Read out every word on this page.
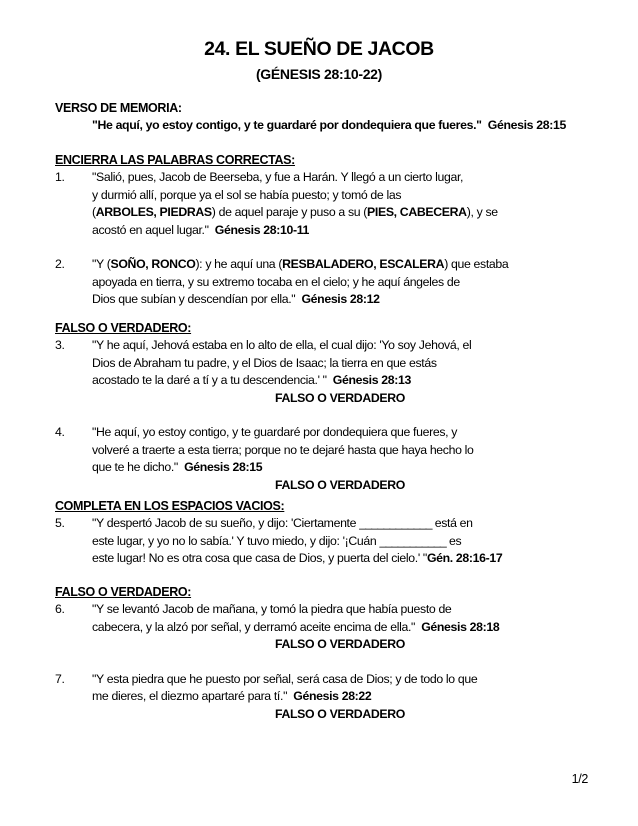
24. EL SUEÑO DE JACOB
(GÉNESIS 28:10-22)
VERSO DE MEMORIA:
"He aquí, yo estoy contigo, y te guardaré por dondequiera que fueres." Génesis 28:15
ENCIERRA LAS PALABRAS CORRECTAS:
1. "Salió, pues, Jacob de Beerseba, y fue a Harán. Y llegó a un cierto lugar,
y durmió allí, porque ya el sol se había puesto; y tomó de las
(ARBOLES, PIEDRAS) de aquel paraje y puso a su (PIES, CABECERA), y se
acostó en aquel lugar." Génesis 28:10-11
2. "Y (SOÑO, RONCO): y he aquí una (RESBALADERO, ESCALERA) que estaba
apoyada en tierra, y su extremo tocaba en el cielo; y he aquí ángeles de
Dios que subían y descendían por ella." Génesis 28:12
FALSO O VERDADERO:
3. "Y he aquí, Jehová estaba en lo alto de ella, el cual dijo: 'Yo soy Jehová, el
Dios de Abraham tu padre, y el Dios de Isaac; la tierra en que estás
acostado te la daré a tí y a tu descendencia.' " Génesis 28:13
FALSO O VERDADERO
4. "He aquí, yo estoy contigo, y te guardaré por dondequiera que fueres, y
volveré a traerte a esta tierra; porque no te dejaré hasta que haya hecho lo
que te he dicho." Génesis 28:15
FALSO O VERDADERO
COMPLETA EN LOS ESPACIOS VACIOS:
5. "Y despertó Jacob de su sueño, y dijo: 'Ciertamente ____________ está en
este lugar, y yo no lo sabía.' Y tuvo miedo, y dijo: '¡Cuán ___________ es
este lugar! No es otra cosa que casa de Dios, y puerta del cielo.' "Gén. 28:16-17
FALSO O VERDADERO:
6. "Y se levantó Jacob de mañana, y tomó la piedra que había puesto de
cabecera, y la alzó por señal, y derramó aceite encima de ella." Génesis 28:18
FALSO O VERDADERO
7. "Y esta piedra que he puesto por señal, será casa de Dios; y de todo lo que
me dieres, el diezmo apartaré para tí." Génesis 28:22
FALSO O VERDADERO
1/2
